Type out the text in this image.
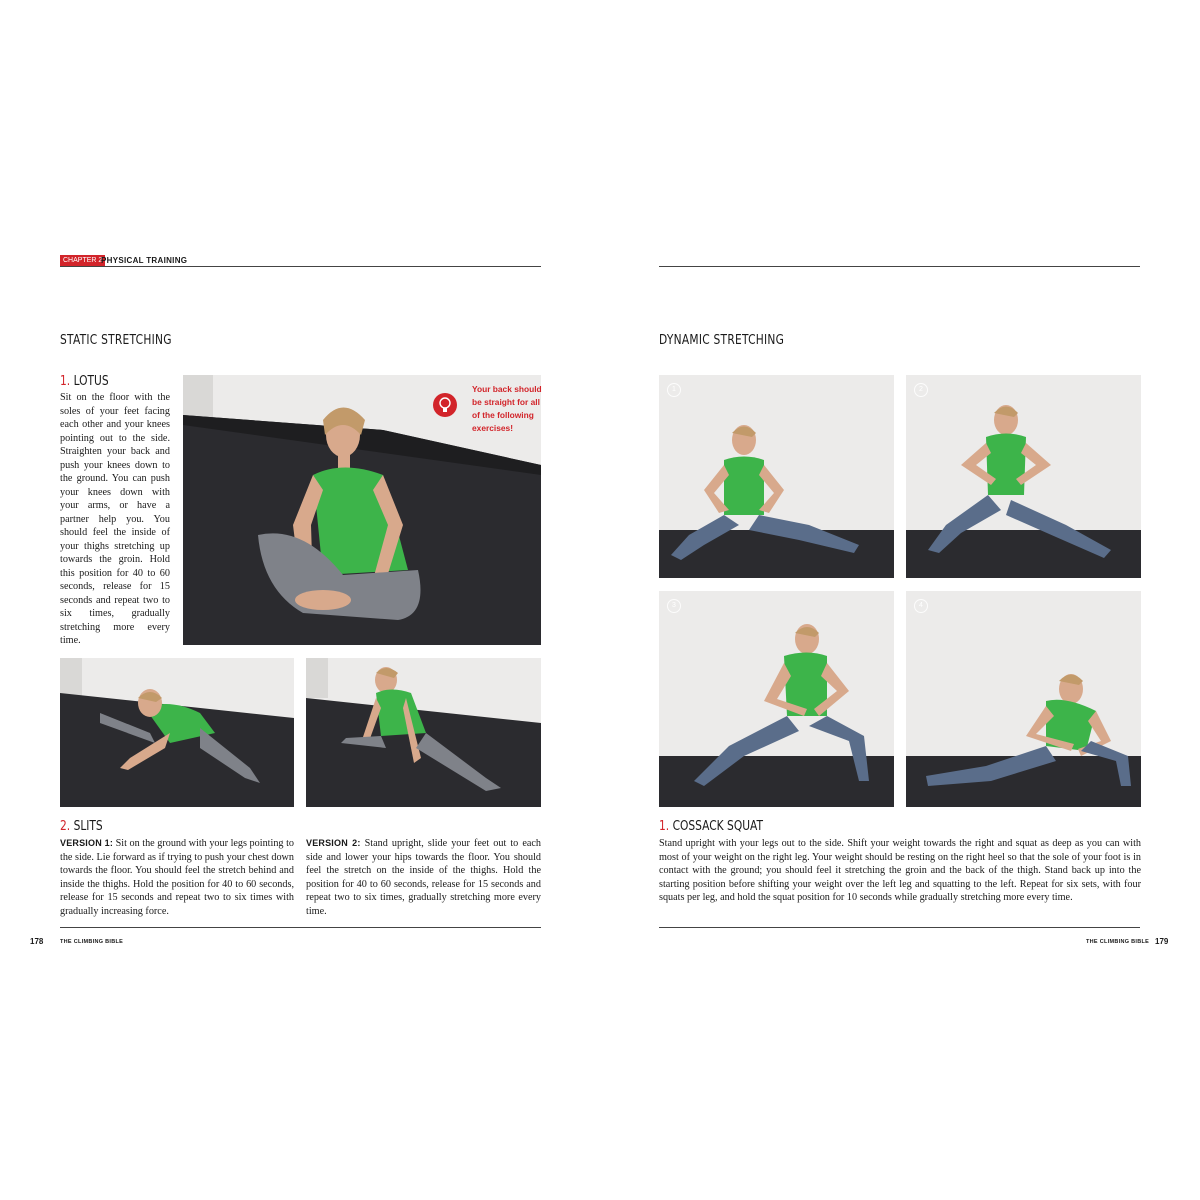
CHAPTER 2
PHYSICAL TRAINING
STATIC STRETCHING
1. LOTUS
Sit on the floor with the soles of your feet facing each other and your knees pointing out to the side. Straighten your back and push your knees down to the ground. You can push your knees down with your arms, or have a partner help you. You should feel the inside of your thighs stretching up towards the groin. Hold this position for 40 to 60 seconds, release for 15 seconds and repeat two to six times, gradually stretching more every time.
Your back should be straight for all of the following exercises!
2. SLITS
VERSION 1: Sit on the ground with your legs pointing to the side. Lie forward as if trying to push your chest down towards the floor. You should feel the stretch behind and inside the thighs. Hold the position for 40 to 60 seconds, release for 15 seconds and repeat two to six times with gradually increasing force.
VERSION 2: Stand upright, slide your feet out to each side and lower your hips towards the floor. You should feel the stretch on the inside of the thighs. Hold the position for 40 to 60 seconds, release for 15 seconds and repeat two to six times, gradually stretching more every time.
178	THE CLIMBING BIBLE
DYNAMIC STRETCHING
1	2
3	4
1. COSSACK SQUAT
Stand upright with your legs out to the side. Shift your weight towards the right and squat as deep as you can with most of your weight on the right leg. Your weight should be resting on the right heel so that the sole of your foot is in contact with the ground; you should feel it stretching the groin and the back of the thigh. Stand back up into the starting position before shifting your weight over the left leg and squatting to the left. Repeat for six sets, with four squats per leg, and hold the squat position for 10 seconds while gradually stretching more every time.
THE CLIMBING BIBLE 179
